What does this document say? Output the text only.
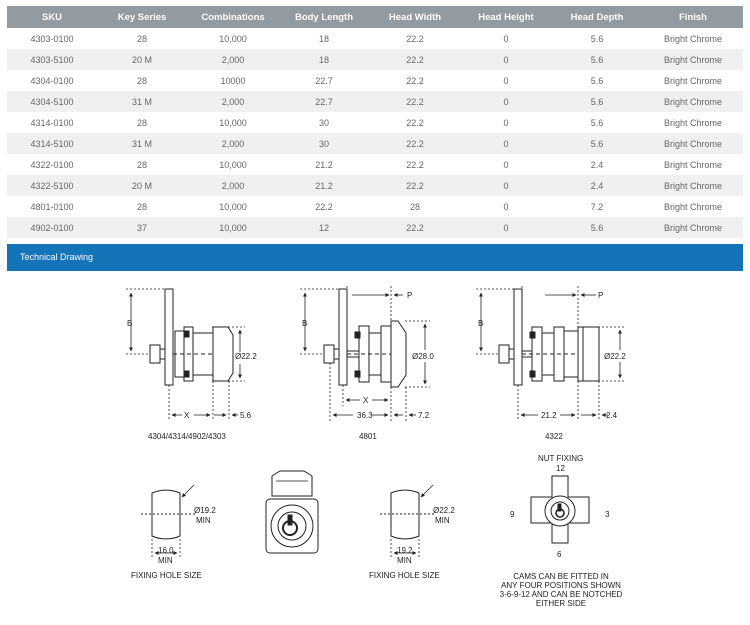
SKU	Key Series	Combinations	Body Length	Head Width	Head Height	Head Depth	Finish
4303-0100	28	10,000	18	22.2	0	5.6	Bright Chrome
4303-5100	20 M	2,000	18	22.2	0	5.6	Bright Chrome
4304-0100	28	10000	22.7	22.2	0	5.6	Bright Chrome
4304-5100	31 M	2,000	22.7	22.2	0	5.6	Bright Chrome
4314-0100	28	10,000	30	22.2	0	5.6	Bright Chrome
4314-5100	31 M	2,000	30	22.2	0	5.6	Bright Chrome
4322-0100	28	10,000	21.2	22.2	0	2.4	Bright Chrome
4322-5100	20 M	2,000	21.2	22.2	0	2.4	Bright Chrome
4801-0100	28	10,000	22.2	28	0	7.2	Bright Chrome
4902-0100	37	10,000	12	22.2	0	5.6	Bright Chrome
Technical Drawing
B
Ø22.2
X	5.6
4304/4314/4902/4303
B
P
X
36.3	7.2
Ø28.0
4801
B
P
21.2	2.4
Ø22.2
4322
Ø19.2
MIN
16.0
MIN
FIXING HOLE SIZE
Ø22.2
MIN
19.2
MIN
FIXING HOLE SIZE
NUT FIXING
12
3
6
9
CAMS CAN BE FITTED IN
ANY FOUR POSITIONS SHOWN
3-6-9-12 AND CAN BE NOTCHED
EITHER SIDE
